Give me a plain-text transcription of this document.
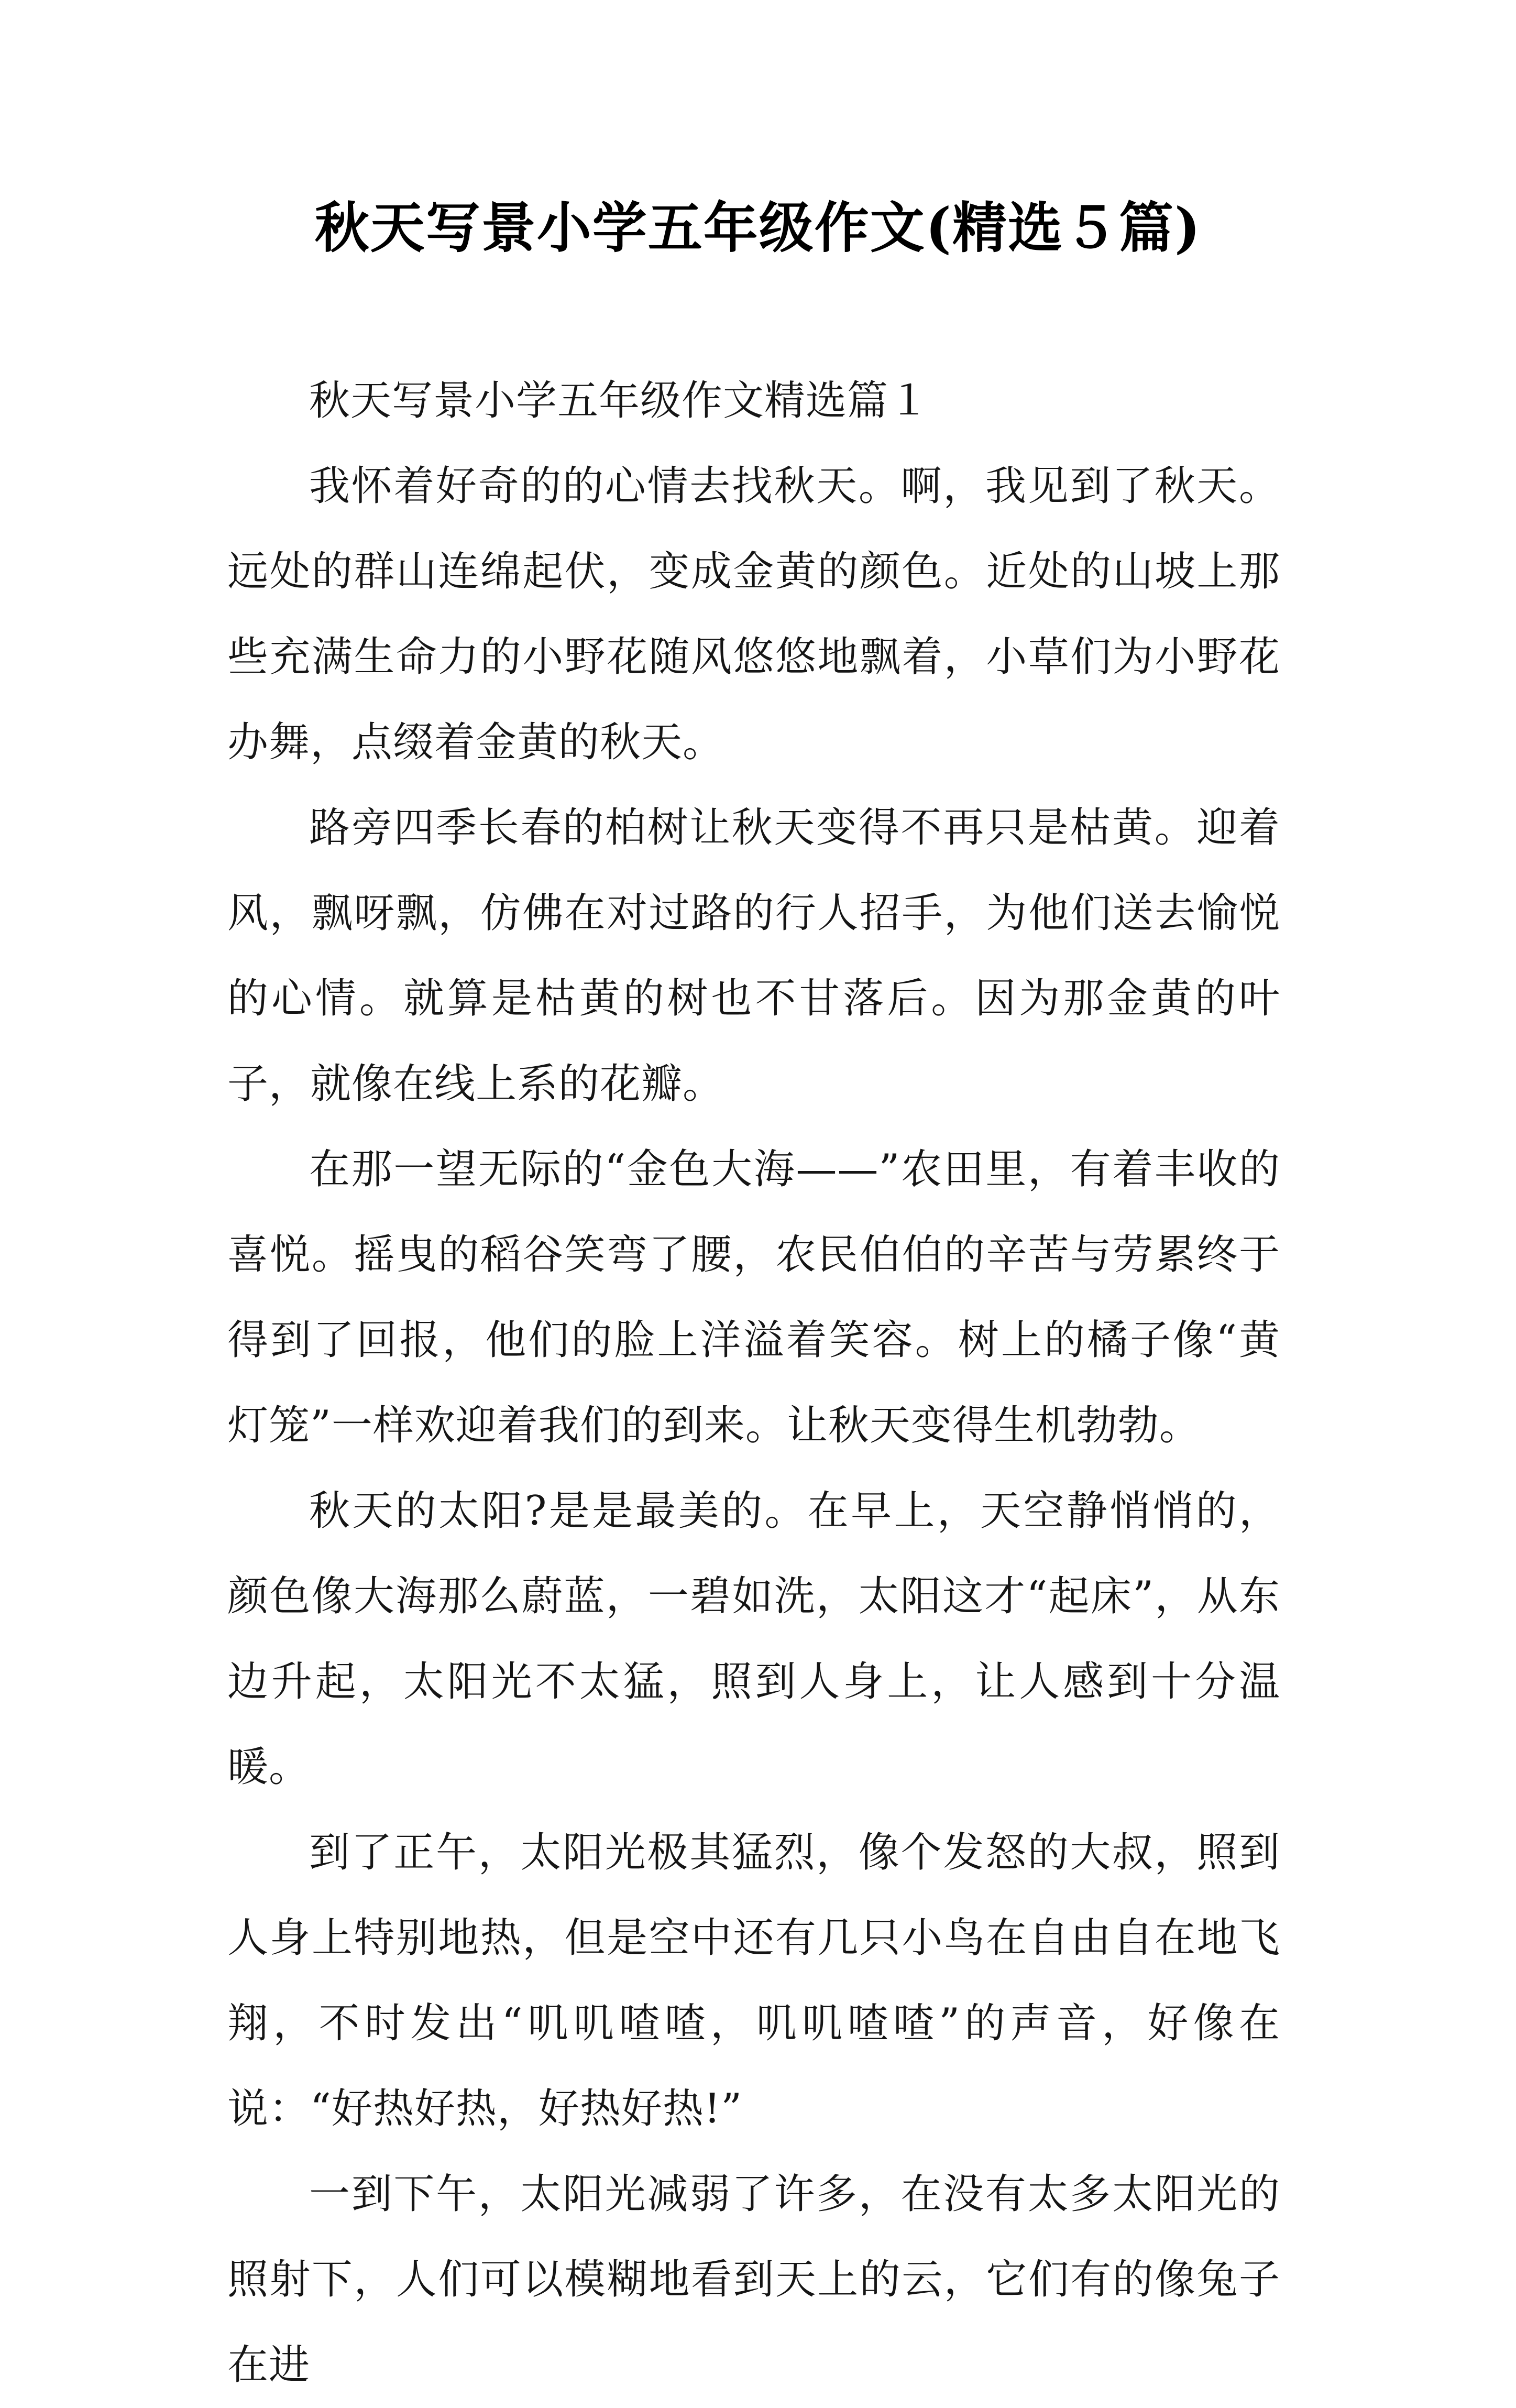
秋天写景小学五年级作文(精选５篇)

秋天写景小学五年级作文精选篇１

我怀着好奇的的心情去找秋天。啊，我见到了秋天。远处的群山连绵起伏，变成金黄的颜色。近处的山坡上那些充满生命力的小野花随风悠悠地飘着，小草们为小野花办舞，点缀着金黄的秋天。

路旁四季长春的柏树让秋天变得不再只是枯黄。迎着风，飘呀飘，仿佛在对过路的行人招手，为他们送去愉悦的心情。就算是枯黄的树也不甘落后。因为那金黄的叶子，就像在线上系的花瓣。

在那一望无际的“金色大海——”农田里，有着丰收的喜悦。摇曳的稻谷笑弯了腰，农民伯伯的辛苦与劳累终于得到了回报，他们的脸上洋溢着笑容。树上的橘子像“黄灯笼”一样欢迎着我们的到来。让秋天变得生机勃勃。

秋天的太阳?是是最美的。在早上，天空静悄悄的，颜色像大海那么蔚蓝，一碧如洗，太阳这才“起床”，从东边升起，太阳光不太猛，照到人身上，让人感到十分温暖。

到了正午，太阳光极其猛烈，像个发怒的大叔，照到人身上特别地热，但是空中还有几只小鸟在自由自在地飞翔，不时发出“叽叽喳喳，叽叽喳喳”的声音，好像在说：“好热好热，好热好热!”

一到下午，太阳光减弱了许多，在没有太多太阳光的照射下，人们可以模糊地看到天上的云，它们有的像兔子在进
